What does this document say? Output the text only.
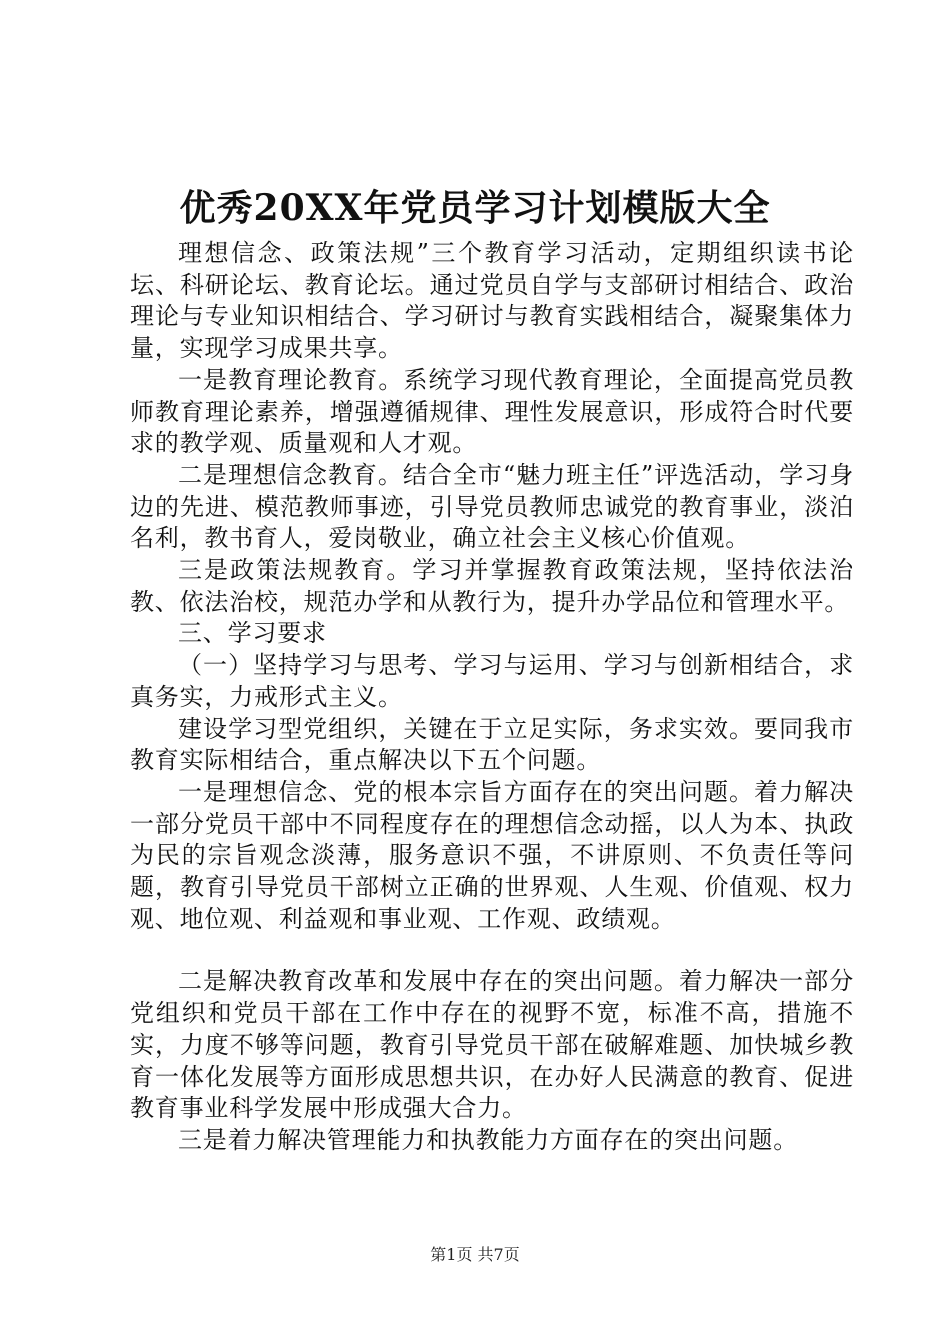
优秀20XX年党员学习计划模版大全

理想信念、政策法规”三个教育学习活动，定期组织读书论坛、科研论坛、教育论坛。通过党员自学与支部研讨相结合、政治理论与专业知识相结合、学习研讨与教育实践相结合，凝聚集体力量，实现学习成果共享。

一是教育理论教育。系统学习现代教育理论，全面提高党员教师教育理论素养，增强遵循规律、理性发展意识，形成符合时代要求的教学观、质量观和人才观。

二是理想信念教育。结合全市“魅力班主任”评选活动，学习身边的先进、模范教师事迹，引导党员教师忠诚党的教育事业，淡泊名利，教书育人，爱岗敬业，确立社会主义核心价值观。

三是政策法规教育。学习并掌握教育政策法规，坚持依法治教、依法治校，规范办学和从教行为，提升办学品位和管理水平。

三、学习要求

（一）坚持学习与思考、学习与运用、学习与创新相结合，求真务实，力戒形式主义。

建设学习型党组织，关键在于立足实际，务求实效。要同我市教育实际相结合，重点解决以下五个问题。

一是理想信念、党的根本宗旨方面存在的突出问题。着力解决一部分党员干部中不同程度存在的理想信念动摇，以人为本、执政为民的宗旨观念淡薄，服务意识不强，不讲原则、不负责任等问题，教育引导党员干部树立正确的世界观、人生观、价值观、权力观、地位观、利益观和事业观、工作观、政绩观。

二是解决教育改革和发展中存在的突出问题。着力解决一部分党组织和党员干部在工作中存在的视野不宽，标准不高，措施不实，力度不够等问题，教育引导党员干部在破解难题、加快城乡教育一体化发展等方面形成思想共识，在办好人民满意的教育、促进教育事业科学发展中形成强大合力。

三是着力解决管理能力和执教能力方面存在的突出问题。

第1页 共7页
